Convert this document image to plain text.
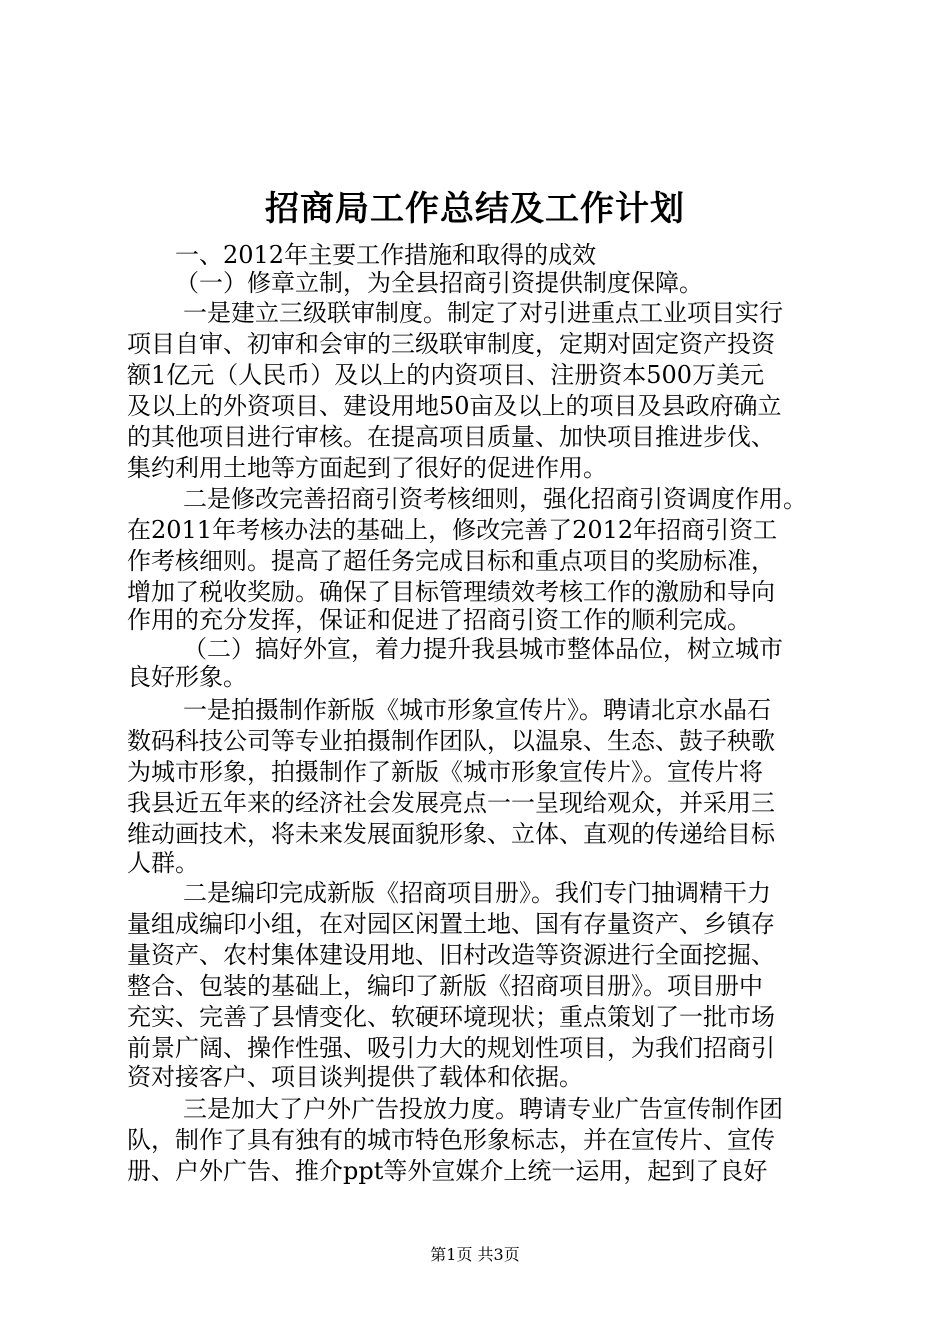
招商局工作总结及工作计划
一、2012年主要工作措施和取得的成效
（一）修章立制，为全县招商引资提供制度保障。
一是建立三级联审制度。制定了对引进重点工业项目实行
项目自审、初审和会审的三级联审制度，定期对固定资产投资
额1亿元（人民币）及以上的内资项目、注册资本500万美元
及以上的外资项目、建设用地50亩及以上的项目及县政府确立
的其他项目进行审核。在提高项目质量、加快项目推进步伐、
集约利用土地等方面起到了很好的促进作用。
二是修改完善招商引资考核细则，强化招商引资调度作用。
在2011年考核办法的基础上，修改完善了2012年招商引资工
作考核细则。提高了超任务完成目标和重点项目的奖励标准，
增加了税收奖励。确保了目标管理绩效考核工作的激励和导向
作用的充分发挥，保证和促进了招商引资工作的顺利完成。
（二）搞好外宣，着力提升我县城市整体品位，树立城市
良好形象。
一是拍摄制作新版《城市形象宣传片》。聘请北京水晶石
数码科技公司等专业拍摄制作团队，以温泉、生态、鼓子秧歌
为城市形象，拍摄制作了新版《城市形象宣传片》。宣传片将
我县近五年来的经济社会发展亮点一一呈现给观众，并采用三
维动画技术，将未来发展面貌形象、立体、直观的传递给目标
人群。
二是编印完成新版《招商项目册》。我们专门抽调精干力
量组成编印小组，在对园区闲置土地、国有存量资产、乡镇存
量资产、农村集体建设用地、旧村改造等资源进行全面挖掘、
整合、包装的基础上，编印了新版《招商项目册》。项目册中
充实、完善了县情变化、软硬环境现状；重点策划了一批市场
前景广阔、操作性强、吸引力大的规划性项目，为我们招商引
资对接客户、项目谈判提供了载体和依据。
三是加大了户外广告投放力度。聘请专业广告宣传制作团
队，制作了具有独有的城市特色形象标志，并在宣传片、宣传
册、户外广告、推介ppt等外宣媒介上统一运用，起到了良好
第1页 共3页
